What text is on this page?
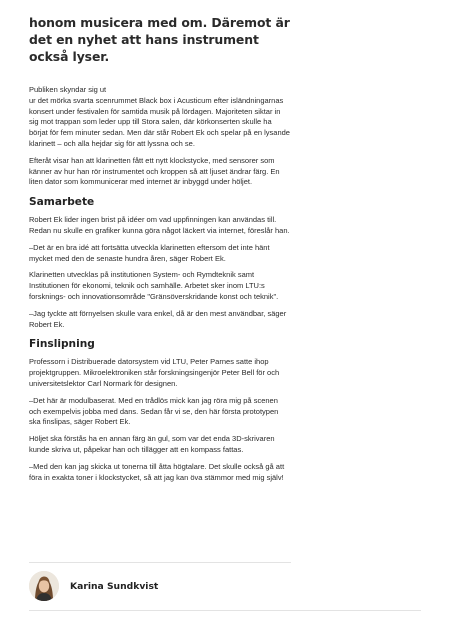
honom musicera med om. Däremot är det en nyhet att hans instrument också lyser.

Publiken skyndar sig ut
ur det mörka svarta scenrummet Black box i Acusticum efter isländningarnas konsert under festivalen för samtida musik på lördagen. Majoriteten siktar in sig mot trappan som leder upp till Stora salen, där körkonserten skulle ha börjat för fem minuter sedan. Men där står Robert Ek och spelar på en lysande klarinett – och alla hejdar sig för att lyssna och se.

Efteråt visar han att klarinetten fått ett nytt klockstycke, med sensorer som känner av hur han rör instrumentet och kroppen så att ljuset ändrar färg. En liten dator som kommunicerar med internet är inbyggd under höljet.

Samarbete

Robert Ek lider ingen brist på idéer om vad uppfinningen kan användas till. Redan nu skulle en grafiker kunna göra något läckert via internet, föreslår han.

–Det är en bra idé att fortsätta utveckla klarinetten eftersom det inte hänt mycket med den de senaste hundra åren, säger Robert Ek.

Klarinetten utvecklas på institutionen System- och Rymdteknik samt Institutionen för ekonomi, teknik och samhälle. Arbetet sker inom LTU:s forsknings- och innovationsområde "Gränsöverskridande konst och teknik".

–Jag tyckte att förnyelsen skulle vara enkel, då är den mest användbar, säger Robert Ek.

Finslipning

Professorn i Distribuerade datorsystem vid LTU, Peter Parnes satte ihop projektgruppen. Mikroelektroniken står forskningsingenjör Peter Bell för och universitetslektor Carl Normark för designen.

–Det här är modulbaserat. Med en trådlös mick kan jag röra mig på scenen och exempelvis jobba med dans. Sedan får vi se, den här första prototypen ska finslipas, säger Robert Ek.

Höljet ska förstås ha en annan färg än gul, som var det enda 3D-skrivaren kunde skriva ut, påpekar han och tillägger att en kompass fattas.

–Med den kan jag skicka ut tonerna till åtta högtalare. Det skulle också gå att föra in exakta toner i klockstycket, så att jag kan öva stämmor med mig själv!

Karina Sundkvist
